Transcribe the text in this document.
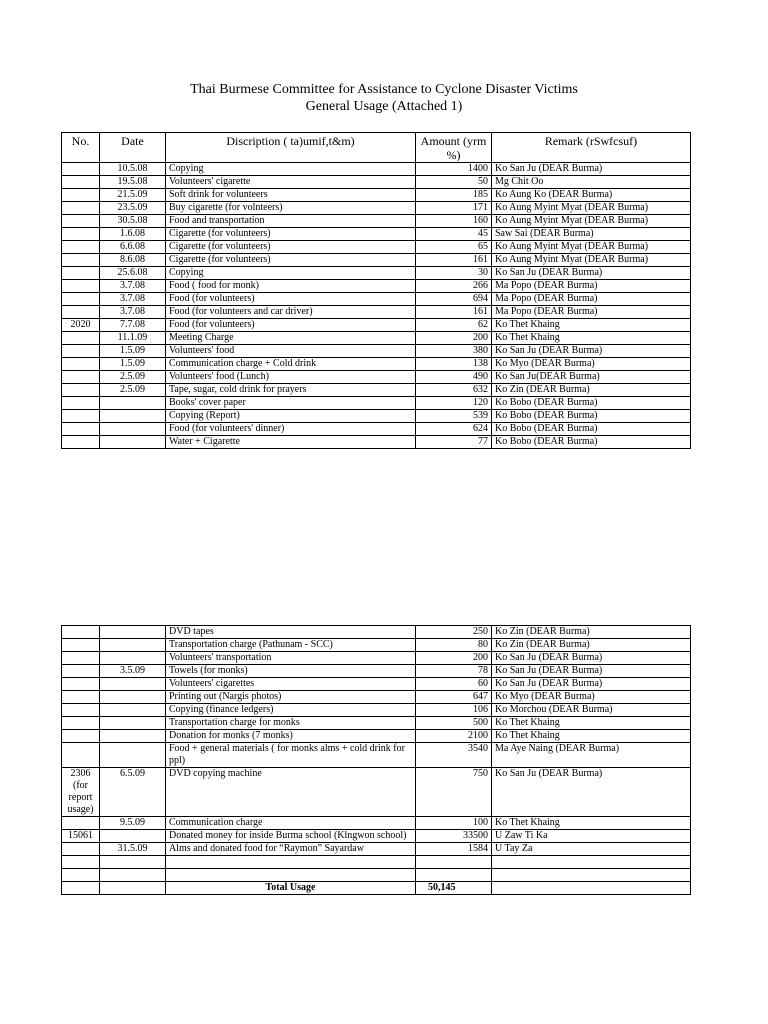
Thai Burmese Committee for Assistance to Cyclone Disaster Victims
General Usage (Attached 1)
No.	Date	Discription ( ta)umif,t&m)	Amount (yrm %)	Remark (rSwfcsuf)
	10.5.08	Copying	1400	Ko San Ju (DEAR Burma)
	19.5.08	Volunteers' cigarette	50	Mg Chit Oo
	21.5.09	Soft drink for volunteers	185	Ko Aung Ko (DEAR Burma)
	23.5.09	Buy cigarette (for volnteers)	171	Ko Aung Myint Myat (DEAR Burma)
	30.5.08	Food and transportation	160	Ko Aung Myint Myat (DEAR Burma)
	1.6.08	Cigarette (for volunteers)	45	Saw Sai (DEAR Burma)
	6.6.08	Cigarette (for volunteers)	65	Ko Aung Myint Myat (DEAR Burma)
	8.6.08	Cigarette (for volunteers)	161	Ko Aung Myint Myat (DEAR Burma)
	25.6.08	Copying	30	Ko San Ju (DEAR Burma)
	3.7.08	Food ( food for monk)	266	Ma Popo (DEAR Burma)
	3.7.08	Food (for volunteers)	694	Ma Popo (DEAR Burma)
	3.7.08	Food (for volunteers and car driver)	161	Ma Popo (DEAR Burma)
2020	7.7.08	Food (for volunteers)	62	Ko Thet Khaing
	11.1.09	Meeting Charge	200	Ko Thet Khaing
	1.5.09	Volunteers' food	380	Ko San Ju (DEAR Burma)
	1.5.09	Communication charge + Cold drink	138	Ko Myo (DEAR Burma)
	2.5.09	Volunteers' food (Lunch)	490	Ko San Ju(DEAR Burma)
	2.5.09	Tape, sugar, cold drink for prayers	632	Ko Zin (DEAR Burma)
		Books' cover paper	120	Ko Bobo (DEAR Burma)
		Copying (Report)	539	Ko Bobo (DEAR Burma)
		Food (for volunteers' dinner)	624	Ko Bobo (DEAR Burma)
		Water + Cigarette	77	Ko Bobo (DEAR Burma)
		DVD tapes	250	Ko Zin (DEAR Burma)
		Transportation charge (Pathunam - SCC)	80	Ko Zin (DEAR Burma)
		Volunteers' transportation	200	Ko San Ju (DEAR Burma)
	3.5.09	Towels (for monks)	78	Ko San Ju (DEAR Burma)
		Volunteers' cigarettes	60	Ko San Ju (DEAR Burma)
		Printing out (Nargis photos)	647	Ko Myo (DEAR Burma)
		Copying (finance ledgers)	106	Ko Morchou (DEAR Burma)
		Transportation charge for monks	500	Ko Thet Khaing
		Donation for monks (7 monks)	2100	Ko Thet Khaing
		Food + general materials ( for monks alms + cold drink for ppl)	3540	Ma Aye Naing (DEAR Burma)
2306 (for report usage)	6.5.09	DVD copying machine	750	Ko San Ju (DEAR Burma)
	9.5.09	Communication charge	100	Ko Thet Khaing
15061		Donated money for inside Burma school (Klngwon school)	33500	U Zaw Ti Ka
	31.5.09	Alms and donated food for “Raymon” Sayardaw	1584	U Tay Za

		Total Usage	50,145	
